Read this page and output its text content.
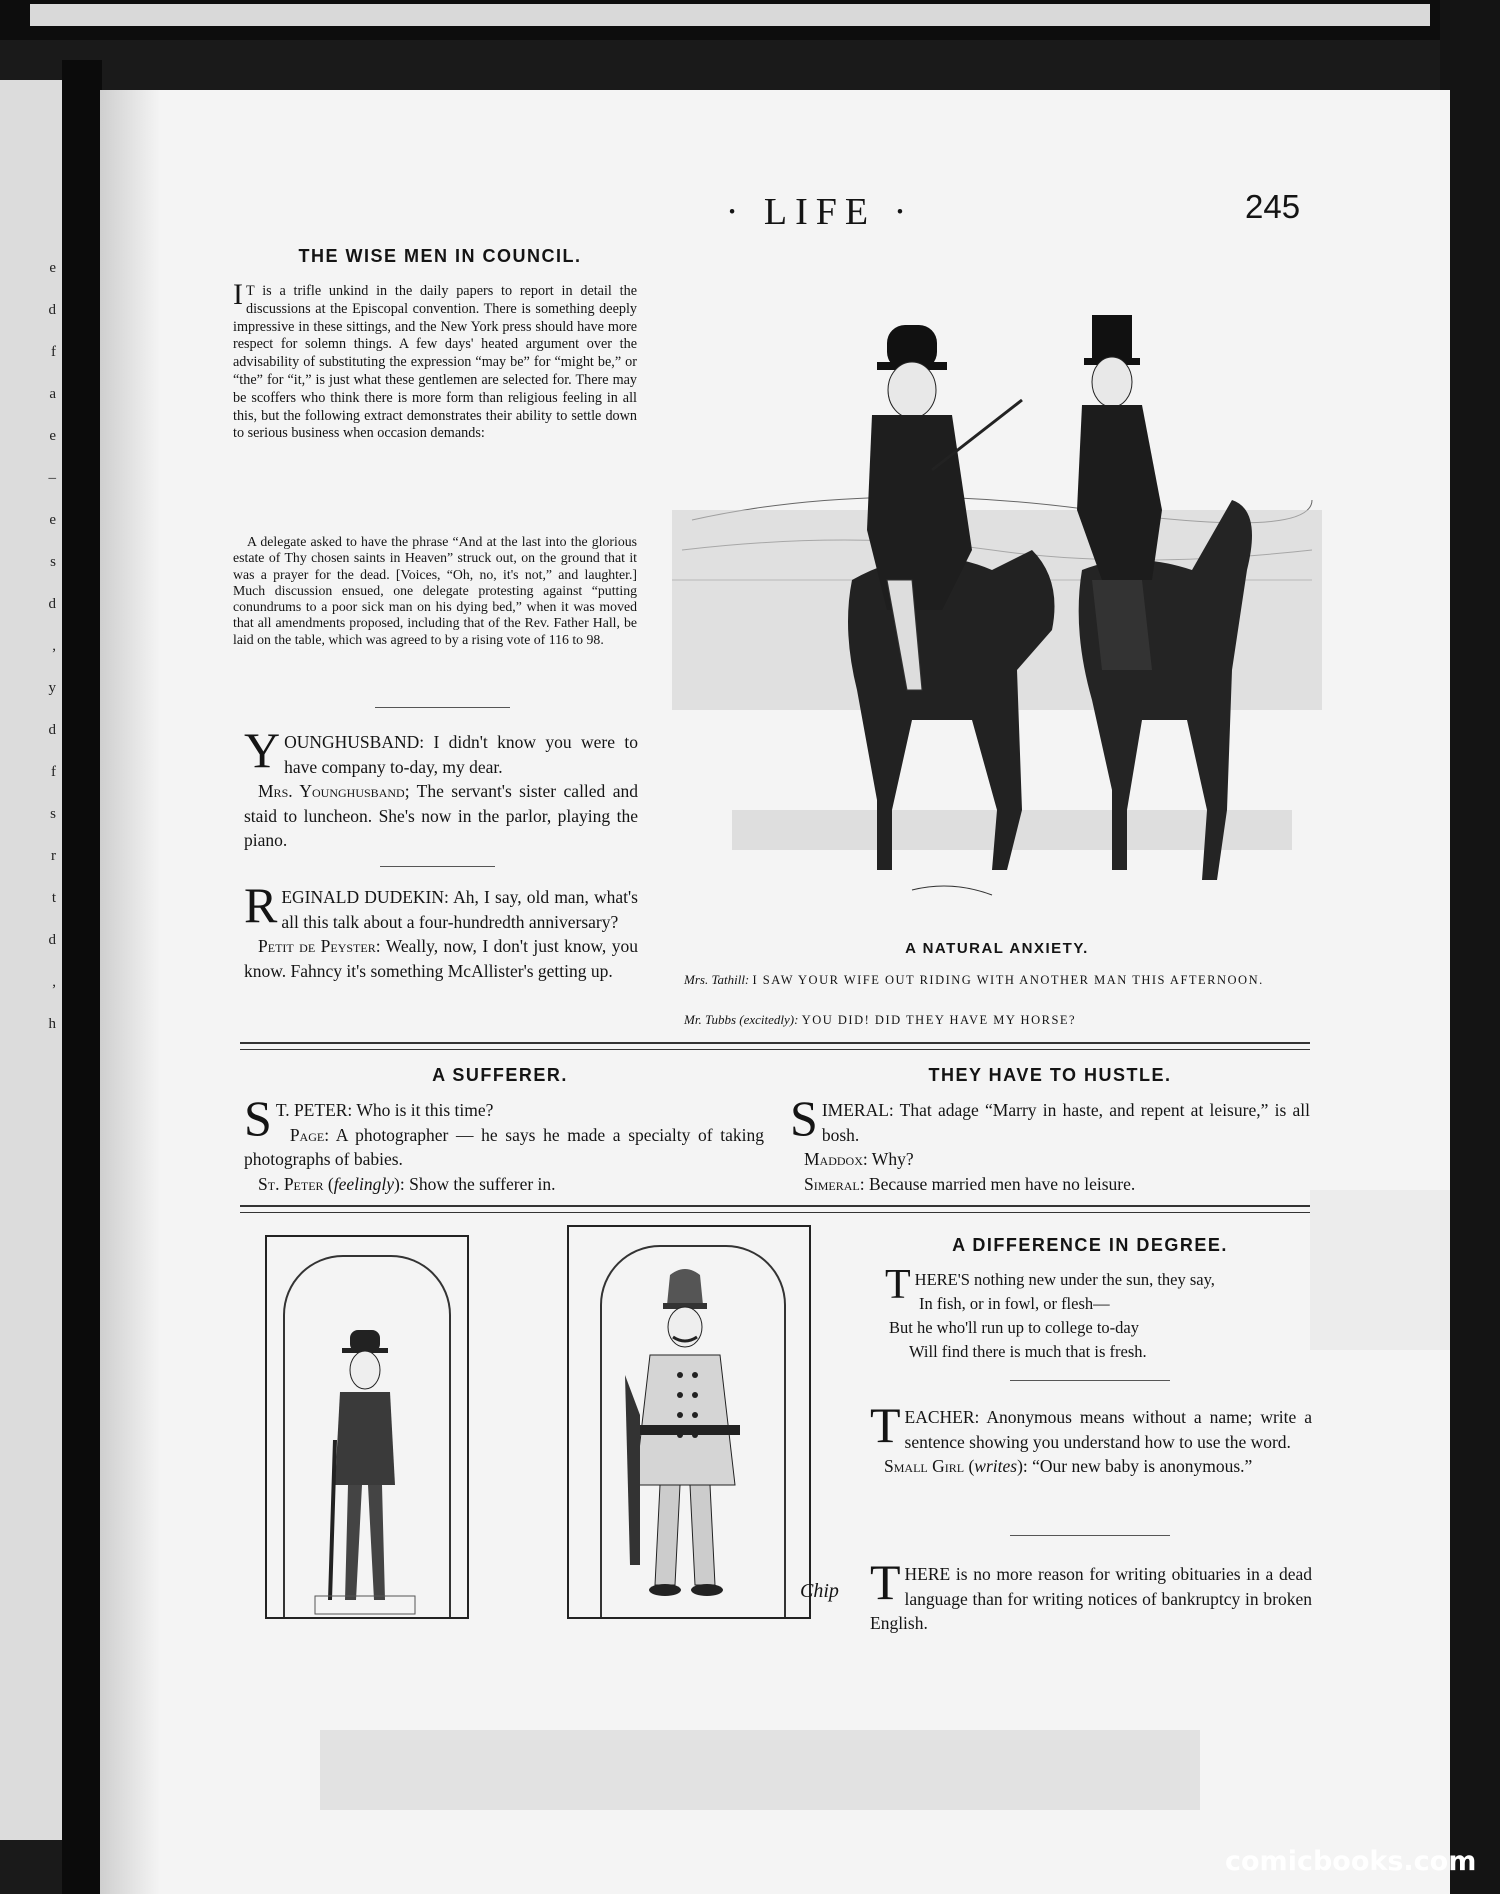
e
d
f
a
e
–
e
s
d
,
y
d
f
s
r
t
d
,
h
· LIFE ·	245
THE WISE MEN IN COUNCIL.
I T is a trifle unkind in the daily papers to report in detail the discussions at the Episcopal convention. There is something deeply impressive in these sittings, and the New York press should have more respect for solemn things. A few days' heated argument over the advisability of substituting the expression “may be” for “might be,” or “the” for “it,” is just what these gentlemen are selected for. There may be scoffers who think there is more form than religious feeling in all this, but the following extract demonstrates their ability to settle down to serious business when occasion demands:
A delegate asked to have the phrase “And at the last into the glorious estate of Thy chosen saints in Heaven” struck out, on the ground that it was a prayer for the dead. [Voices, “Oh, no, it's not,” and laughter.] Much discussion ensued, one delegate protesting against “putting conundrums to a poor sick man on his dying bed,” when it was moved that all amendments proposed, including that of the Rev. Father Hall, be laid on the table, which was agreed to by a rising vote of 116 to 98.

YOUNGHUSBAND: I didn't know you were to have company to-day, my dear.

Mrs. Younghusband; The servant's sister called and staid to luncheon. She's now in the parlor, playing the piano.

REGINALD DUDEKIN: Ah, I say, old man, what's all this talk about a four-hundredth anniversary?

Petit de Peyster: Weally, now, I don't just know, you know. Fahncy it's something McAllister's getting up.

A NATURAL ANXIETY.
Mrs. Tathill: I SAW YOUR WIFE OUT RIDING WITH ANOTHER MAN THIS AFTERNOON.
Mr. Tubbs (excitedly): YOU DID! DID THEY HAVE MY HORSE?
A SUFFERER.

S T. PETER: Who is it this time?

Page: A photographer — he says he made a specialty of taking photographs of babies.

St. Peter (feelingly): Show the sufferer in.

THEY HAVE TO HUSTLE.

SIMERAL: That adage “Marry in haste, and repent at leisure,” is all bosh.

Maddox: Why?

Simeral: Because married men have no leisure.

Chip
A DIFFERENCE IN DEGREE.
THERE'S nothing new under the sun, they say,
In fish, or in fowl, or flesh—
But he who'll run up to college to-day
Will find there is much that is fresh.

TEACHER: Anonymous means without a name; write a sentence showing you understand how to use the word.

Small Girl (writes): “Our new baby is anonymous.”

THERE is no more reason for writing obituaries in a dead language than for writing notices of bankruptcy in broken English.

comicbooks.com
